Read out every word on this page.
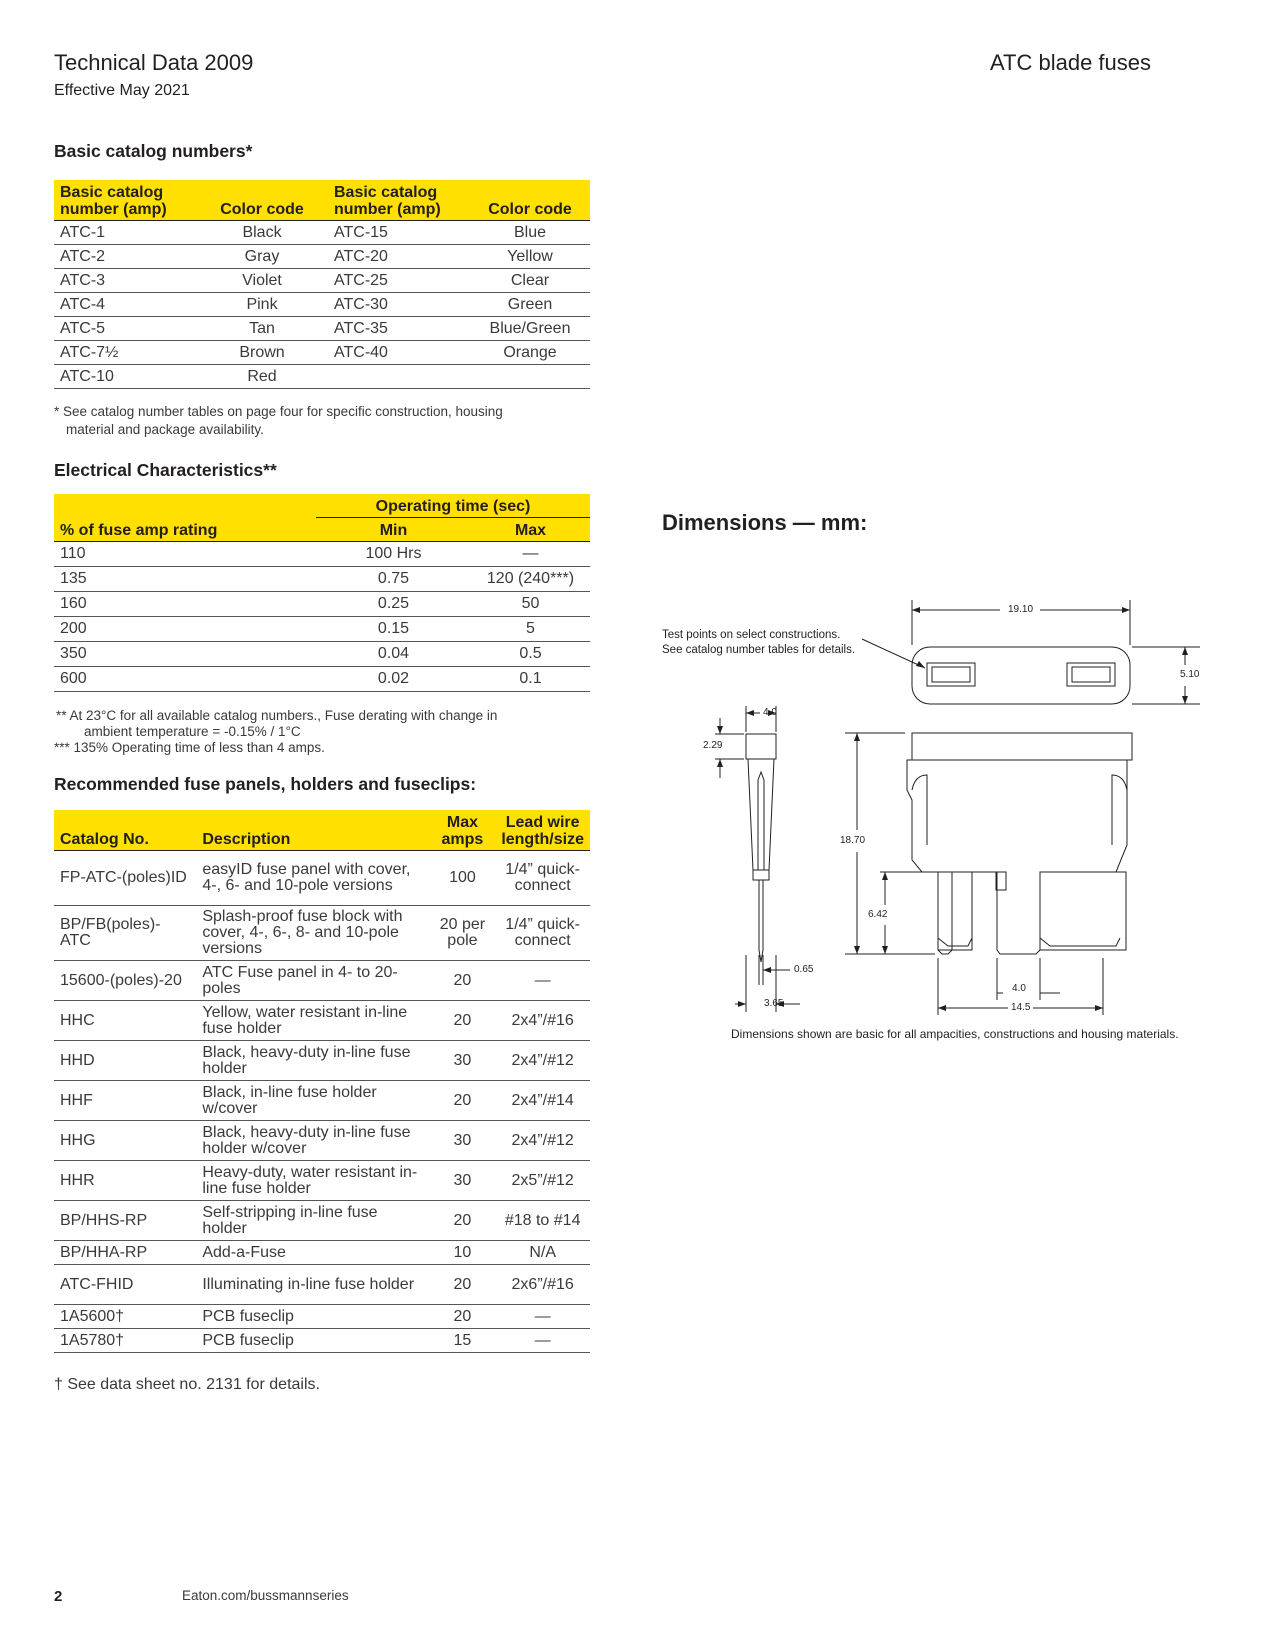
Technical Data 2009
Effective May 2021
ATC blade fuses
Basic catalog numbers*
Basic catalog number (amp)	Color code	Basic catalog number (amp)	Color code
ATC-1	Black	ATC-15	Blue
ATC-2	Gray	ATC-20	Yellow
ATC-3	Violet	ATC-25	Clear
ATC-4	Pink	ATC-30	Green
ATC-5	Tan	ATC-35	Blue/Green
ATC-7½	Brown	ATC-40	Orange
ATC-10	Red		
* See catalog number tables on page four for specific construction, housing
material and package availability.
Electrical Characteristics**
	Operating time (sec)	
% of fuse amp rating	Min	Max
110	100 Hrs	—
135	0.75	120 (240***)
160	0.25	50
200	0.15	5
350	0.04	0.5
600	0.02	0.1
** At 23°C for all available catalog numbers., Fuse derating with change in
ambient temperature = -0.15% / 1°C
*** 135% Operating time of less than 4 amps.
Recommended fuse panels, holders and fuseclips:
Catalog No.	Description	Max amps	Lead wire length/size
FP-ATC-(poles)ID	easyID fuse panel with cover, 4-, 6- and 10-pole versions	100	1/4” quick-connect
BP/FB(poles)-ATC	Splash-proof fuse block with cover, 4-, 6-, 8- and 10-pole versions	20 per pole	1/4” quick-connect
15600-(poles)-20	ATC Fuse panel in 4- to 20-poles	20	—
HHC	Yellow, water resistant in-line fuse holder	20	2x4”/#16
HHD	Black, heavy-duty in-line fuse holder	30	2x4”/#12
HHF	Black, in-line fuse holder w/cover	20	2x4”/#14
HHG	Black, heavy-duty in-line fuse holder w/cover	30	2x4”/#12
HHR	Heavy-duty, water resistant in-line fuse holder	30	2x5”/#12
BP/HHS-RP	Self-stripping in-line fuse holder	20	#18 to #14
BP/HHA-RP	Add-a-Fuse	10	N/A
ATC-FHID	Illuminating in-line fuse holder	20	2x6”/#16
1A5600†	PCB fuseclip	20	—
1A5780†	PCB fuseclip	15	—
† See data sheet no. 2131 for details.
Dimensions — mm:
Test points on select constructions.
See catalog number tables for details.
19.10
5.10
4.0
2.29
18.70
6.42
0.65
3.65
4.0
14.5
Dimensions shown are basic for all ampacities, constructions and housing materials.
2	Eaton.com/bussmannseries
